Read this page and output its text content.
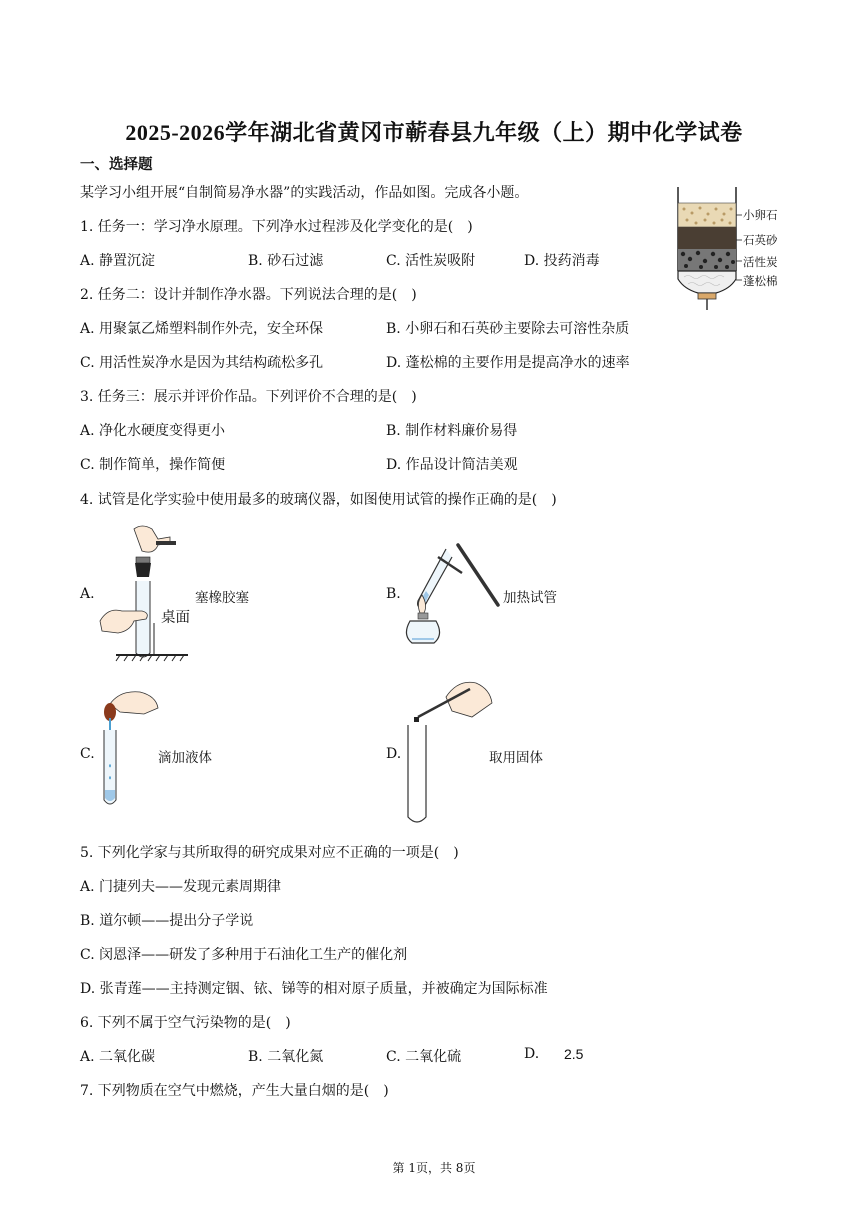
2025-2026学年湖北省黄冈市蕲春县九年级（上）期中化学试卷
一、选择题
某学习小组开展“自制简易净水器”的实践活动，作品如图。完成各小题。
小卵石
石英砂
活性炭
蓬松棉
1. 任务一：学习净水原理。下列净水过程涉及化学变化的是(　)
A. 静置沉淀	B. 砂石过滤	C. 活性炭吸附	D. 投药消毒
2. 任务二：设计并制作净水器。下列说法合理的是(　)
A. 用聚氯乙烯塑料制作外壳，安全环保	B. 小卵石和石英砂主要除去可溶性杂质
C. 用活性炭净水是因为其结构疏松多孔	D. 蓬松棉的主要作用是提高净水的速率
3. 任务三：展示并评价作品。下列评价不合理的是(　)
A. 净化水硬度变得更小	B. 制作材料廉价易得
C. 制作简单，操作简便	D. 作品设计简洁美观
4. 试管是化学实验中使用最多的玻璃仪器，如图使用试管的操作正确的是(　)
A.	塞橡胶塞
桌面
B.	加热试管
C.	滴加液体	D.	取用固体
5. 下列化学家与其所取得的研究成果对应不正确的一项是(　)
A. 门捷列夫——发现元素周期律
B. 道尔顿——提出分子学说
C. 闵恩泽——研发了多种用于石油化工生产的催化剂
D. 张青莲——主持测定铟、铱、锑等的相对原子质量，并被确定为国际标准
6. 下列不属于空气污染物的是(　)
A. 二氧化碳	B. 二氧化氮	C. 二氧化硫	D. 2.5
7. 下列物质在空气中燃烧，产生大量白烟的是(　)
第 1页，共 8页
